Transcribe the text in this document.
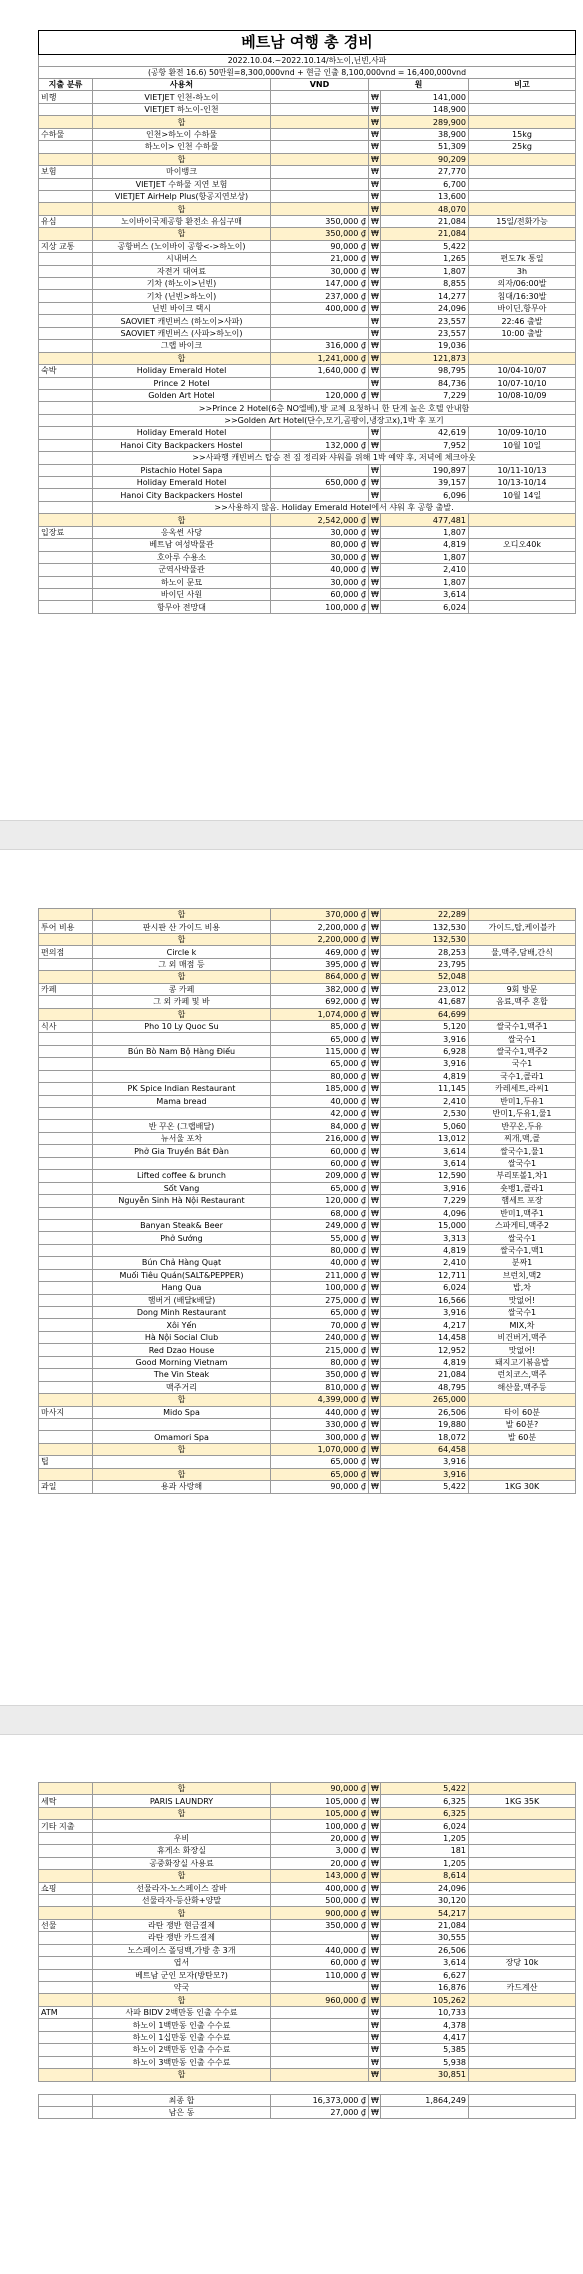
베트남 여행 총 경비					
2022.10.04.~2022.10.14/하노이,닌빈,사파					
(공항 환전 16.6) 50만원=8,300,000vnd + 현금 인출 8,100,000vnd = 16,400,000vnd					
지출 분류	사용처	VND	원		비고
비행	VIETJET 인천-하노이		₩	141,000	
	VIETJET 하노이-인천		₩	148,900	
	합		₩	289,900	
수하물	인천>하노이 수하물		₩	38,900	15kg
	하노이> 인천 수하물		₩	51,309	25kg
	합		₩	90,209	
보험	마이뱅크		₩	27,770	
	VIETJET 수하물 지연 보험		₩	6,700	
	VIETJET AirHelp Plus(항공지연보상)		₩	13,600	
	합		₩	48,070	
유심	노이바이국제공항 환전소 유심구매	350,000 ₫	₩	21,084	15일/전화가능
	합	350,000 ₫	₩	21,084	
지상 교통	공항버스 (노이바이 공항<->하노이)	90,000 ₫	₩	5,422	
	시내버스	21,000 ₫	₩	1,265	편도7k 통일
	자전거 대여료	30,000 ₫	₩	1,807	3h
	기차 (하노이>닌빈)	147,000 ₫	₩	8,855	의자/06:00발
	기차 (닌빈>하노이)	237,000 ₫	₩	14,277	침대/16:30발
	닌빈 바이크 택시	400,000 ₫	₩	24,096	바이딘,항무아
	SAOVIET 캐빈버스 (하노이>사파)		₩	23,557	22:46 출발
	SAOVIET 캐빈버스 (사파>하노이)		₩	23,557	10:00 출발
	그랩 바이크	316,000 ₫	₩	19,036	
	합	1,241,000 ₫	₩	121,873	
숙박	Holiday Emerald Hotel	1,640,000 ₫	₩	98,795	10/04-10/07
	Prince 2 Hotel		₩	84,736	10/07-10/10
	Golden Art Hotel	120,000 ₫	₩	7,229	10/08-10/09
	>>Prince 2 Hotel(6층 NO엘베),방 교체 요청하니 한 단계 높은 호텔 안내함				
	>>Golden Art Hotel(단수,모기,곰팡이,냉장고x),1박 후 포기				
	Holiday Emerald Hotel		₩	42,619	10/09-10/10
	Hanoi City Backpackers Hostel	132,000 ₫	₩	7,952	10월 10일
	>>사파행 캐빈버스 탑승 전 짐 정리와 샤워를 위해 1박 예약 후, 저녁에 체크아웃				
	Pistachio Hotel Sapa		₩	190,897	10/11-10/13
	Holiday Emerald Hotel	650,000 ₫	₩	39,157	10/13-10/14
	Hanoi City Backpackers Hostel		₩	6,096	10월 14일
	>>사용하지 않음. Holiday Emerald Hotel에서 샤워 후 공항 출발.				
	합	2,542,000 ₫	₩	477,481	
입장료	응옥썬 사당	30,000 ₫	₩	1,807	
	베트남 여성박물관	80,000 ₫	₩	4,819	오디오40k
	호아루 수용소	30,000 ₫	₩	1,807	
	군역사박물관	40,000 ₫	₩	2,410	
	하노이 문묘	30,000 ₫	₩	1,807	
	바이딘 사원	60,000 ₫	₩	3,614	
	항무아 전망대	100,000 ₫	₩	6,024	
	합	370,000 ₫	₩	22,289	
투어 비용	판시판 산 가이드 비용	2,200,000 ₫	₩	132,530	가이드,탑,케이블카
	합	2,200,000 ₫	₩	132,530	
편의점	Circle k	469,000 ₫	₩	28,253	물,맥주,담배,간식
	그 외 매점 등	395,000 ₫	₩	23,795	
	합	864,000 ₫	₩	52,048	
카페	콩 카페	382,000 ₫	₩	23,012	9회 방문
	그 외 카페 및 바	692,000 ₫	₩	41,687	음료,맥주 혼합
	합	1,074,000 ₫	₩	64,699	
식사	Pho 10 Ly Quoc Su	85,000 ₫	₩	5,120	쌀국수1,맥주1
		65,000 ₫	₩	3,916	쌀국수1
	Bún Bò Nam Bộ Hàng Điếu	115,000 ₫	₩	6,928	쌀국수1,맥주2
		65,000 ₫	₩	3,916	국수1
		80,000 ₫	₩	4,819	국수1,콜라1
	PK Spice Indian Restaurant	185,000 ₫	₩	11,145	카레세트,라씨1
	Mama bread	40,000 ₫	₩	2,410	반미1,두유1
		42,000 ₫	₩	2,530	반미1,두유1,물1
	반 꾸온 (그랩배달)	84,000 ₫	₩	5,060	반꾸온,두유
	뉴서울 포차	216,000 ₫	₩	13,012	찌개,맥,콜
	Phở Gia Truyền Bát Đàn	60,000 ₫	₩	3,614	쌀국수1,물1
		60,000 ₫	₩	3,614	쌀국수1
	Lifted coffee & brunch	209,000 ₫	₩	12,590	부리또볼1,차1
	Sốt Vang	65,000 ₫	₩	3,916	숏뱅1,콜라1
	Nguyễn Sinh Hà Nội Restaurant	120,000 ₫	₩	7,229	햄세트 포장
		68,000 ₫	₩	4,096	반미1,맥주1
	Banyan Steak& Beer	249,000 ₫	₩	15,000	스파게티,맥주2
	Phở Sướng	55,000 ₫	₩	3,313	쌀국수1
		80,000 ₫	₩	4,819	쌀국수1,맥1
	Bún Chả Hàng Quạt	40,000 ₫	₩	2,410	분짜1
	Muối Tiêu Quán(SALT&PEPPER)	211,000 ₫	₩	12,711	브런치,맥2
	Hang Qua	100,000 ₫	₩	6,024	밥,차
	햄버거 (배달k배달)	275,000 ₫	₩	16,566	맛없어!
	Dong Minh Restaurant	65,000 ₫	₩	3,916	쌀국수1
	Xôi Yến	70,000 ₫	₩	4,217	MIX,차
	Hà Nội Social Club	240,000 ₫	₩	14,458	비건버거,맥주
	Red Dzao House	215,000 ₫	₩	12,952	맛없어!
	Good Morning Vietnam	80,000 ₫	₩	4,819	돼지고기볶음밥
	The Vin Steak	350,000 ₫	₩	21,084	런치코스,맥주
	맥주거리	810,000 ₫	₩	48,795	해산물,맥주등
	합	4,399,000 ₫	₩	265,000	
마사지	Mido Spa	440,000 ₫	₩	26,506	타이 60분
		330,000 ₫	₩	19,880	발 60분?
	Omamori Spa	300,000 ₫	₩	18,072	발 60분
	합	1,070,000 ₫	₩	64,458	
팁		65,000 ₫	₩	3,916	
	합	65,000 ₫	₩	3,916	
과일	용과 사랑해	90,000 ₫	₩	5,422	1KG 30K
	합	90,000 ₫	₩	5,422	
세탁	PARIS LAUNDRY	105,000 ₫	₩	6,325	1KG 35K
	합	105,000 ₫	₩	6,325	
기타 지출		100,000 ₫	₩	6,024	
	우비	20,000 ₫	₩	1,205	
	휴게소 화장실	3,000 ₫	₩	181	
	공중화장실 사용료	20,000 ₫	₩	1,205	
	합	143,000 ₫	₩	8,614	
쇼핑	선물라자-노스페이스 잠바	400,000 ₫	₩	24,096	
	선물라자-등산화+양말	500,000 ₫	₩	30,120	
	합	900,000 ₫	₩	54,217	
선물	라탄 쟁반 현금결제	350,000 ₫	₩	21,084	
	라탄 쟁반 카드결제		₩	30,555	
	노스페이스 폴딩백,가방 총 3개	440,000 ₫	₩	26,506	
	엽서	60,000 ₫	₩	3,614	장당 10k
	베트남 군인 모자(방탄모?)	110,000 ₫	₩	6,627	
	약국		₩	16,876	카드계산
	합	960,000 ₫	₩	105,262	
ATM	사파 BIDV 2백만동 인출 수수료		₩	10,733	
	하노이 1백만동 인출 수수료		₩	4,378	
	하노이 1십만동 인출 수수료		₩	4,417	
	하노이 2백만동 인출 수수료		₩	5,385	
	하노이 3백만동 인출 수수료		₩	5,938	
	합		₩	30,851	
	최종 합	16,373,000 ₫	₩	1,864,249	
	남은 동	27,000 ₫	₩		
